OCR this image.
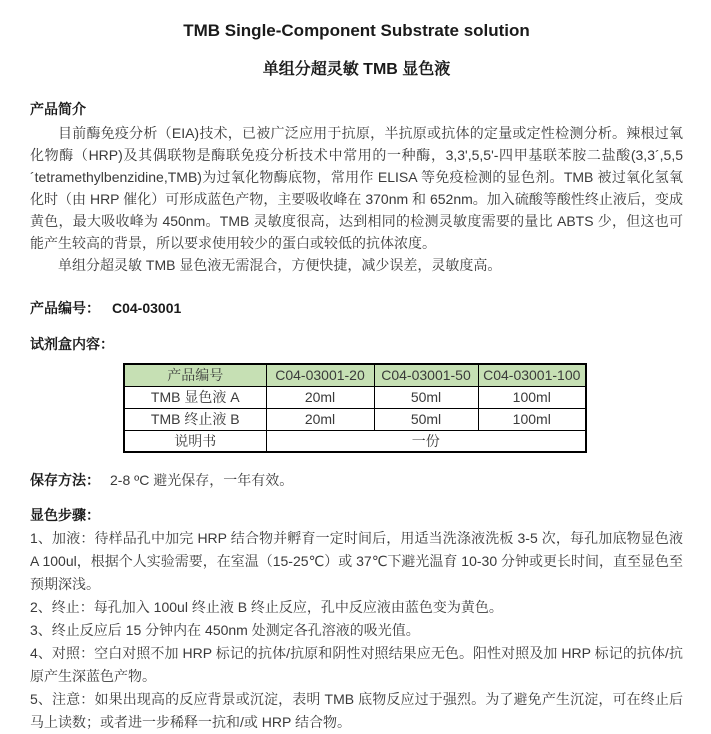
TMB Single-Component Substrate solution
单组分超灵敏 TMB 显色液
产品简介

目前酶免疫分析（EIA)技术，已被广泛应用于抗原，半抗原或抗体的定量或定性检测分析。辣根过氧化物酶（HRP)及其偶联物是酶联免疫分析技术中常用的一种酶，3,3',5,5'-四甲基联苯胺二盐酸(3,3´,5,5´tetramethylbenzidine,TMB)为过氧化物酶底物，常用作 ELISA 等免疫检测的显色剂。TMB 被过氧化氢氧化时（由 HRP 催化）可形成蓝色产物，主要吸收峰在 370nm 和 652nm。加入硫酸等酸性终止液后，变成黄色，最大吸收峰为 450nm。TMB 灵敏度很高，达到相同的检测灵敏度需要的量比 ABTS 少，但这也可能产生较高的背景，所以要求使用较少的蛋白或较低的抗体浓度。

单组分超灵敏 TMB 显色液无需混合，方便快捷，减少误差，灵敏度高。

产品编号： C04-03001
试剂盒内容：
产品编号	C04-03001-20	C04-03001-50	C04-03001-100
TMB 显色液 A	20ml	50ml	100ml
TMB 终止液 B	20ml	50ml	100ml
说明书	一份		
保存方法： 2-8 ºC 避光保存，一年有效。
显色步骤：

1、加液：待样品孔中加完 HRP 结合物并孵育一定时间后，用适当洗涤液洗板 3-5 次，每孔加底物显色液 A 100ul，根据个人实验需要，在室温（15-25℃）或 37℃下避光温育 10-30 分钟或更长时间，直至显色至预期深浅。

2、终止：每孔加入 100ul 终止液 B 终止反应，孔中反应液由蓝色变为黄色。

3、终止反应后 15 分钟内在 450nm 处测定各孔溶液的吸光值。

4、对照：空白对照不加 HRP 标记的抗体/抗原和阴性对照结果应无色。阳性对照及加 HRP 标记的抗体/抗原产生深蓝色产物。

5、注意：如果出现高的反应背景或沉淀，表明 TMB 底物反应过于强烈。为了避免产生沉淀，可在终止后马上读数；或者进一步稀释一抗和/或 HRP 结合物。
